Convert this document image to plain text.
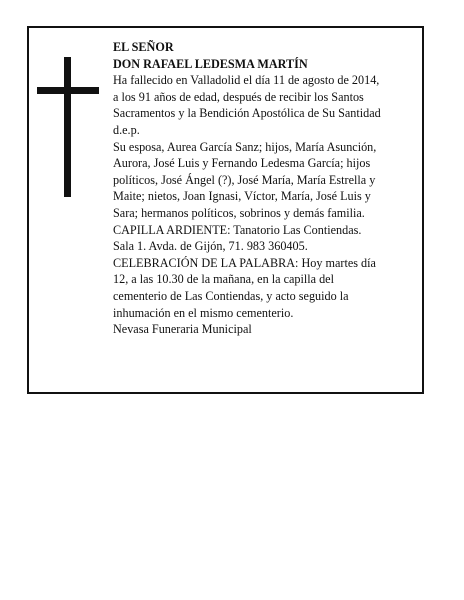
EL SEÑOR
DON RAFAEL LEDESMA MARTÍN
Ha fallecido en Valladolid el día 11 de agosto de 2014,
a los 91 años de edad, después de recibir los Santos
Sacramentos y la Bendición Apostólica de Su Santidad
d.e.p.
Su esposa, Aurea García Sanz; hijos, María Asunción,
Aurora, José Luis y Fernando Ledesma García; hijos
políticos, José Ángel (?), José María, María Estrella y
Maite; nietos, Joan Ignasi, Víctor, María, José Luis y
Sara; hermanos políticos, sobrinos y demás familia.
CAPILLA ARDIENTE: Tanatorio Las Contiendas.
Sala 1. Avda. de Gijón, 71. 983 360405.
CELEBRACIÓN DE LA PALABRA: Hoy martes día
12, a las 10.30 de la mañana, en la capilla del
cementerio de Las Contiendas, y acto seguido la
inhumación en el mismo cementerio.
Nevasa Funeraria Municipal
